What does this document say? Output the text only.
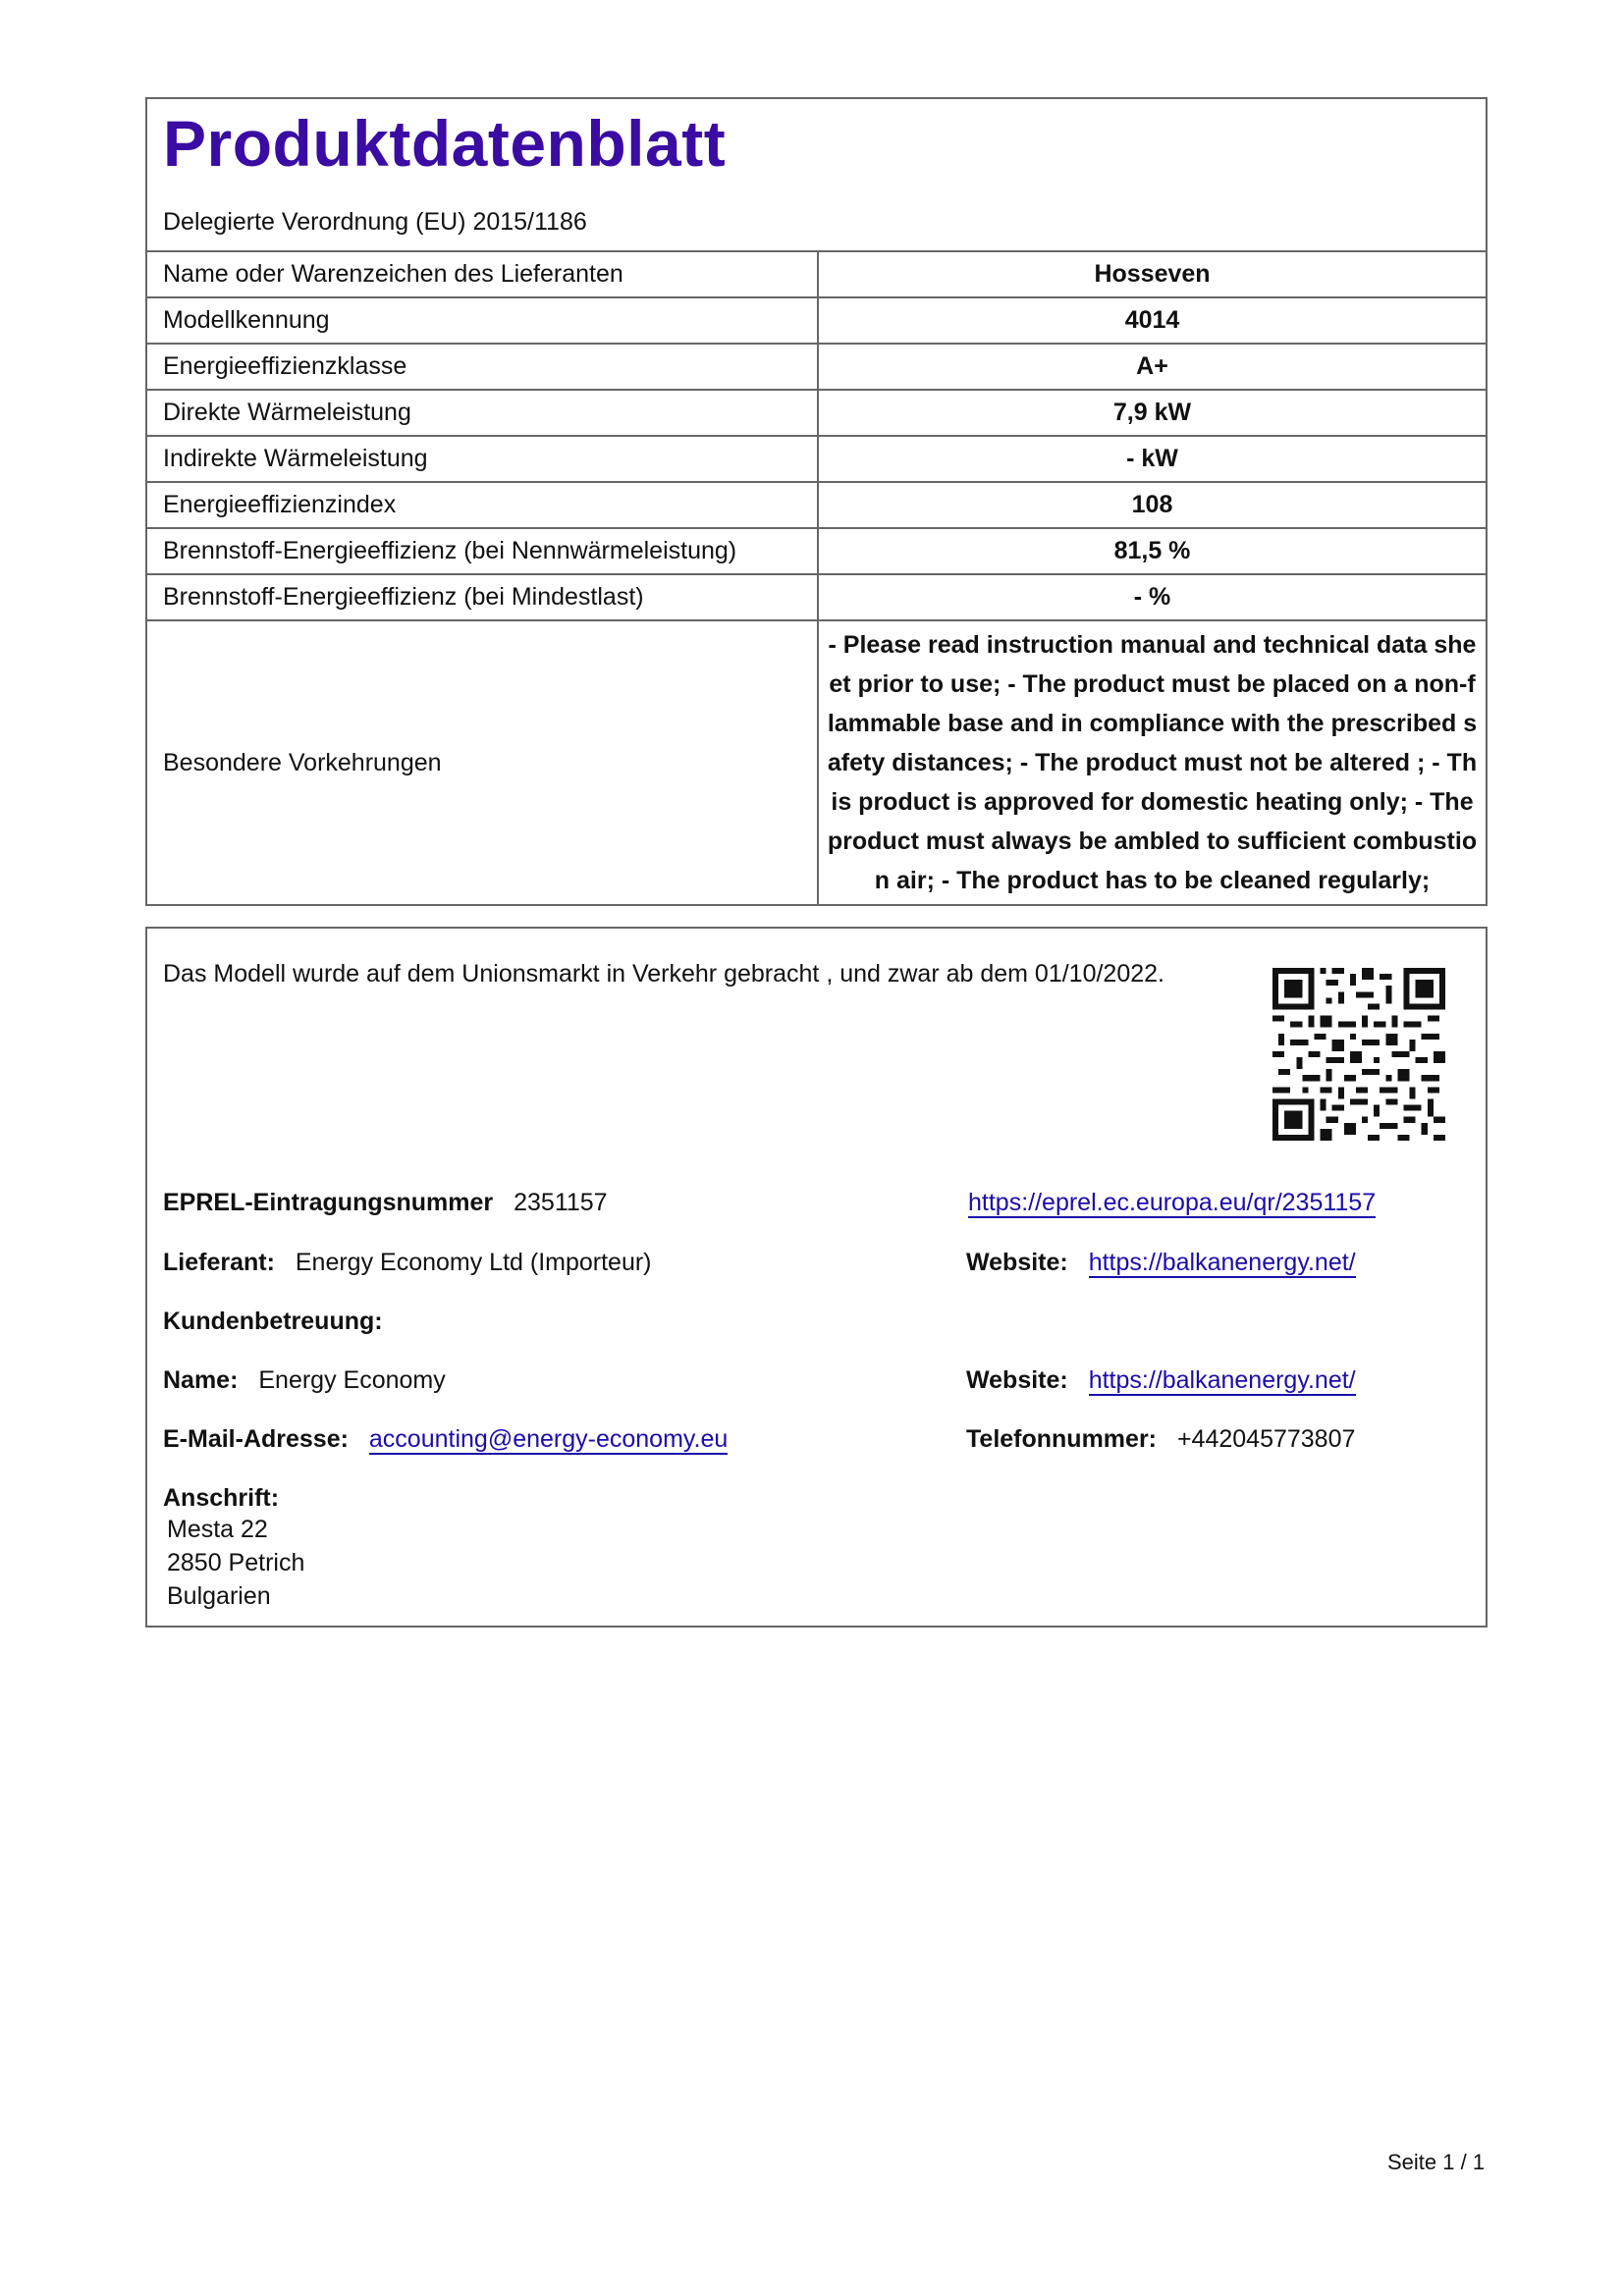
Produktdatenblatt
Delegierte Verordnung (EU) 2015/1186
Name oder Warenzeichen des Lieferanten	Hosseven
Modellkennung	4014
Energieeffizienzklasse	A+
Direkte Wärmeleistung	7,9 kW
Indirekte Wärmeleistung	- kW
Energieeffizienzindex	108
Brennstoff-Energieeffizienz (bei Nennwärmeleistung)	81,5 %
Brennstoff-Energieeffizienz (bei Mindestlast)	- %
Besondere Vorkehrungen	- Please read instruction manual and technical data sheet prior to use; - The product must be placed on a non-flammable base and in compliance with the prescribed safety distances; - The product must not be altered ; - This product is approved for domestic heating only; - The product must always be ambled to sufficient combustion air; - The product has to be cleaned regularly;
Das Modell wurde auf dem Unionsmarkt in Verkehr gebracht , und zwar ab dem 01/10/2022.
EPREL-Eintragungsnummer 2351157	https://eprel.ec.europa.eu/qr/2351157
Lieferant: Energy Economy Ltd (Importeur)	Website: https://balkanenergy.net/
Kundenbetreuung:
Name: Energy Economy	Website: https://balkanenergy.net/
E-Mail-Adresse: accounting@energy-economy.eu	Telefonnummer: +442045773807
Anschrift:
Mesta 22
2850 Petrich
Bulgarien
Seite 1 / 1
